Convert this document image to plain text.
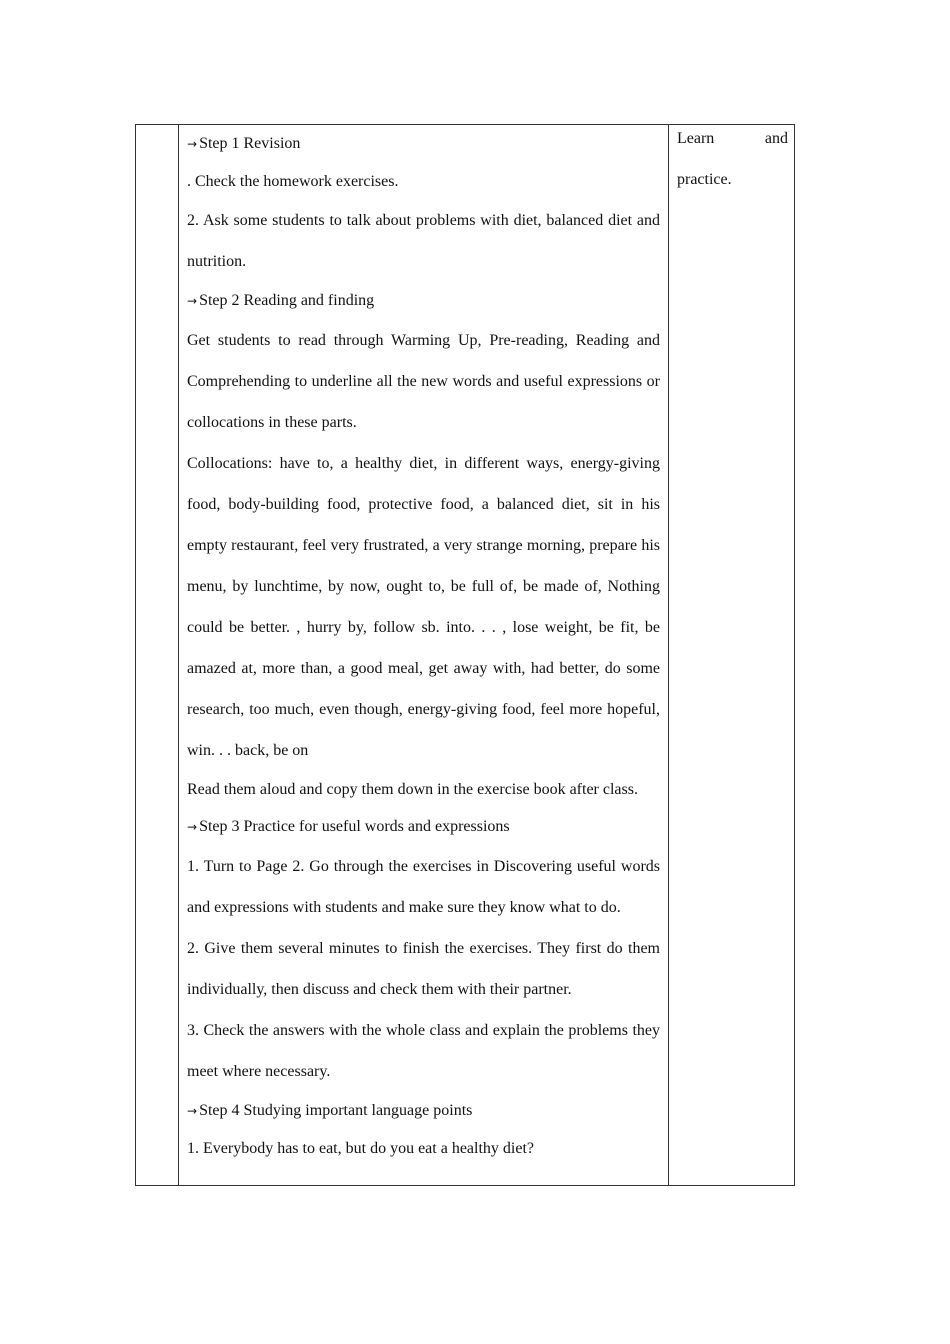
→ Step 1 Revision

. Check the homework exercises.

2. Ask some students to talk about problems with diet, balanced diet and nutrition.

→ Step 2 Reading and finding

Get students to read through Warming Up, Pre-reading, Reading and Comprehending to underline all the new words and useful expressions or collocations in these parts.

Collocations: have to, a healthy diet, in different ways, energy-giving food, body-building food, protective food, a balanced diet, sit in his empty restaurant, feel very frustrated, a very strange morning, prepare his menu, by lunchtime, by now, ought to, be full of, be made of, Nothing could be better. , hurry by, follow sb. into. . . , lose weight, be fit, be amazed at, more than, a good meal, get away with, had better, do some research, too much, even though, energy-giving food, feel more hopeful, win. . . back, be on

Read them aloud and copy them down in the exercise book after class.

→ Step 3 Practice for useful words and expressions

1. Turn to Page 2. Go through the exercises in Discovering useful words and expressions with students and make sure they know what to do.

2. Give them several minutes to finish the exercises. They first do them individually, then discuss and check them with their partner.

3. Check the answers with the whole class and explain the problems they meet where necessary.

→ Step 4 Studying important language points

1. Everybody has to eat, but do you eat a healthy diet?

Learn and
practice.
